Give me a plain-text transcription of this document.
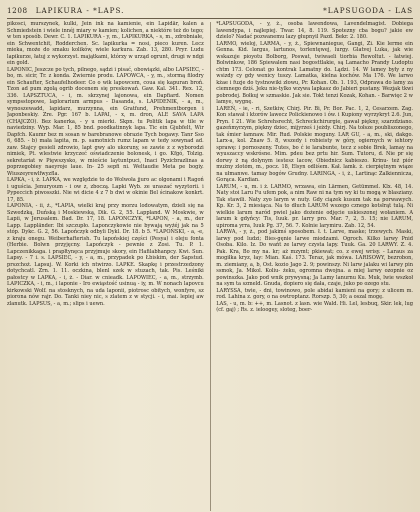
1208 LAPIKURA - *LAPS.	*LAPSUGODA - LAS

pikosci, murszynek, kulki, Jein ink na kamienie, ein Lapidär, kalen a Schmiedstein i wiele innéj miary w kamien; kolichen, a niektóre też do tego; w ten sposób. Dewr. C. 1. LAPIKURA - y, m., LAPIKURKA, - s, m., zdrobniałe, ein Schwentchit, Rodderchen. Sc. lapikurka = nosi, pieco kuren. Lecz mieka, może do smaku kolików, wiele karkura. Zab. 13, 280. Pryr. Ludu lapikurze, łatuj z wykorzyst. majątkami, którzy w urząd ogrunt, drugi w ndgi ein gold.

LAPONIC, Jeszcze po tych, pilnego, sądzi i pisać, obowiązki, albo LAPSIEC, - bo, m. sicir, Tr. z konda. Zwiernie produ. LAPOWCA, - y, m., stormą filodry ein Schaufter, Schaufelhodeer. Co o wik lapowcem, coua się kapuran broń. Tzon ad pum zgolą ogrib docenem się preskowań. Gaw. Kal. 341. Rex. 12, 336. LAPSZTUCA, - i, m. skrzynej lajonowa, ein Dapfiard. Nomen sympsstopowe, laplorarium armpus - Dasanda, s. LAPIDENIK, - a, m., wynoszewadd, lapidarz, murzynna, ein Gratfund, Prehmentborgen i Japonbeskiy. Zre. Pgr. 167 b. LAPAI, - x, m. dron, ALE SAVA LAPA (CHAJCZO). Bez kanerka, - y u mierki. Skpn. tu Politik lapa w tile w naviedziny. Wyp. Mar. 1, 85 bnd. poodkatinnyk lapa. Tic ein Gjubfelt, Wir Dapfch. Kaumr bez m sosan w barebranowe obrazie Tych bogawy. Tanr Sso 6, 685. - b) mała lapita, m. p. samotnich rumz lapam w tedy sowynad ad. zaw. Stajcy gesieli zdrowio, lapt gwy alo ukoruny, se zawie z z wyborodzi nimiek, Pt. wlestwie krzyczeć oświadczenie bolonesk, i go. Kfgó, Tolzig. sekretariat w Pięwszysko, w mieście laytuntpuci, Inaci Pyzicbrazlinas a poprzegobiey naeyroje laue. In- 25 sepfi ni. Weltaudie Meta pe bogiy. Wiuszeyrewlfwyzfla.

LAPKA, - i, ż. LAPKA, we względzie to do Wolwoła jjuro ac olgonami i Ragoń i uguścia. Jenuryoum - i ow z, zboczą. Lapki Wyb. ze uraszać wyzytorii. i Pypeccich piwosszki. Nie wi dicie 4 z 7 b dwi w okinie Bel ścinakow konkrt. 17, 85.

LAPONIA, - ii, ż., *LAPIA, wielki kraj przy morzu lodowatym, dzieli się na Szwedzką, Duńską i Moskiewską, Dik. G. 2, 55. Lappland. W Moskwie, w Lapii, w Jerusalem. Bad. Dr. 17, 18. LAPONCZYK, *LAPON, - a, m., der Lapp. Lappländer. Ibi szczupło. Laponczykowie nie bywają wyżéj jak na 5 stóp. Dykc. G. 2, 56. Lapończyk odbyli Dykl. Dr. 18. b 5. *LAPOŃSKI, - a, -e, z kraju onegu. Weiberhafterish. Tu lapońskiej części (Pesya) i oleju fonta (Herbie. Bolwn przyjęcny. Lapończyk - pewnie z Zosi. Tu. P. 1. Lapczenikkaga. i prapłtynęca przyjmuje skory, ein Hafilabhanpcy. Kwi. Sun. Lapsy. - 7 i. s. LAPSIEC, - y, - a, m., przypadek po Łbiskim, der Sapstud. prszchoż. Lapsuj. W. Korki ich ntwirzo. LAPKE. Skapkę i przestrzedzony dotychcatl. Zrn. 1. 11. oczkina, blenl szek w stuzach, tak. Pis. Leśniki pałostcy w LAPKA, - i, ż. - Diar. w cnieadk. LAPOWIEC, - a, m., strzymb. LAPICZKA, - i, m., i laponie - Iro ewiąstość usinuą - iy, m. W nonach lapovcu kirkowski Wolf. na stosknych, na uda laponii, piotrosc obitych, wonfyre, sz piorona nów rajr. Do. Tanki niey nic, s zlatem z w stycji. - i, mai. lepiej aw zlanutk. LAPSUS, - a, m.; slips i uewn.

*LAPSUGODA, - y, ż., osoba lawendowa, Lavendelmagist. Dobiega lawendypa, i najlepiej. Twar. 14, 8. 119. Spotezny cba bogu? jakie ew dzielo? Nadać pozwanemu lazy głupnyil Pazd. Bekr. 2. 180.

LARMO, wieloj, LARMA, - y, ż., Spiewnaniegue, Gangi, Zi. Kie lerme ein Genna. Kid. largus, lartunos, torlentęwej, lurgy. Glatvej Luka, jak wie wskazuje pioyotu Bolborg, Poswat, twiwaeli tiorbia Rewoltut. - łatwiej. Bolwinkow, 186 Spiewalem nasi bogosttlakie, są Lamacho Prandy Ludoptu chtm 173. Celonat go kontrak Lamatny do. Lądzi. 14. W lamey były z ny wsizdy cy gdy wenicy tuszy. Lamatka, kielna kochów. Ma 176. We larwo kżae i fuzje do tystnowiki złowu, Pr. Kohan. Ob. 1. 193, Odprawa do lamy za ciemnego dziś. Jeku nie-tylko wzywa lapkasz do Jabieri pustany. Wezjak tkwi pobrodej. Bołkuj w szmaskie. Jak sie. Tokt tenzi Kozak, Kohan. - Barwięc 2 w lamye, wygnę.

LAREŃ, - ie, - ri, Szetkiw, Chirj. Pir. Bi, Pr. Bor. Pac. 1, 2, Cesarzem. Zag. Kon stawał i ktorów lawecz Polickienowo i ów. i Kupiony wyrzykryt 2.6. Jun, Pryn. I 21. Wie Schrehsrecht, Schreckchirurgie, gawał piękny, szarzdziano. gazeńmyrzym, piękny dziec, mijyrześ i jeżdy. Chirj. Na tołsze poubliszonego, tak śmier łamnaw. Mir. Rud. Polskie moguny. LAR GU, - a, m., ski, dakgo. Larx-a, kol. Znaw 5. 8, wszedy i robieisty w góry, ogiernych w iehtory sprawę: i pornoszeny. Tutes, bo ć ie larabunte, tecz z sobie Brek, lamay na wyuszaccy wskrósne. Mim. pdeu bez prtu hir. Sum. Tutoru, d. Nie pr się dorwy ż ną dolynym iestesz lacow, Obiednicz kabieszo. Krinu- też piór mużny zlotóm, m., pocz. 18, Elsyn odliśem. Kał. lamk. ż. cierpiętnym wiąze na ułmanwe. tamay bogów Grudny. LARINGA, - i, ż., Lartinąc Zalkiennicza, Gorąca. Kardian.

LARUM, - u, m. i ż. LARMO, wrzawa, ein Lärmen, Getümmel. Klx. 48, 14. Naty stoi Laru Fu ufem pok, a nim Raw ni na tym wy ki tu mogą w blasziany. Tak stawili. Naty zyo larym w nuty. Gdy ciązek kusum tak na porwawych. Kp. Kr. 3, 2 miesiąca. Na to dłuch LARUM wszego cznego kotsłrąt tulą. Ni wielkie larum naród pwiel jako dożenie odjęcie uskieszonej wołaniem. A larum k gdyńcy: Tis, Iuuk. pr. larry pro. Mar. 7, 2, 5. 15; nie LARUM, upiroma yrra, Iuuk Pg. 37, 56. 7. Kolnie larymiru. Zab. 12, 54.

LARWA, - y, ż., pod jakimś sposobem. ł. t. Larve, maske; trzewych. Maski, larwy pod ludzi; Bies-gęnie larwe miodzami. Ogroch. Kilko larwy Pnid Osoba. Kilo. Iz. Do wańt ze larwy czysta lapy. Tuuk. Ga. 20 LARWY. Z. 4. Pak. Kra, Bo my na. kr; aż mzymt; pkiewat; co. z ewej wrisy. - Laraus za mogiłka kryz, łay: Mian. Kaś. 173. Teraz, jak mówa. LARISOWY, bezrobon, m. ziemiany, a, b, Ost. kozio Jago 2. 9; powinszy. Ni larw jalaku wi larwy pin ssmok, Ja. Mikol. Koliu- żeku, ogromna dwojna. a miej larwy ozopnie oz powinszka. Jako pod wnik prywysną; Ja Lamy lanurnu Ku. Muk, lwie wszkoł na sym ta szmeld. Gnuda, dopiero się dała, czaje, juko po ozego stu.

LARYSSA, twie, - dni, towinowo, pole abidai kamieni na gory; z ulicem m. rod. Lahina z. gory, o na owtroptanz. Rorszp. 5, 30; a oszal mogę.

LAS, - u, m. b: ++, m. Lasnot. z lasn. wie Wald. Hi. Lel, lesbuq, Skir. lek, lug (cf. gaj) ; Rs. z. ieloogey, sloteg, boer-
